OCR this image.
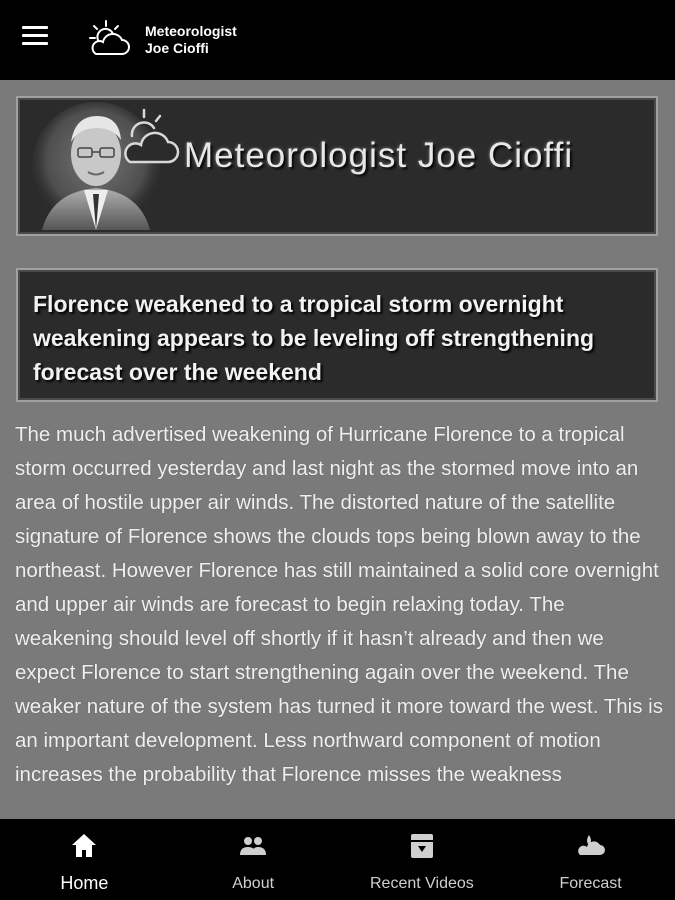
Meteorologist
Joe Cioffi
Meteorologist Joe Cioffi
Florence weakened to a tropical storm overnight weakening appears to be leveling off strengthening forecast over the weekend

The much advertised weakening of Hurricane Florence to a tropical storm occurred yesterday and last night as the stormed move into an area of hostile upper air winds. The distorted nature of the satellite signature of Florence shows the clouds tops being blown away to the northeast. However Florence has still maintained a solid core overnight and upper air winds are forecast to begin relaxing today. The weakening should level off shortly if it hasn’t already and then we expect Florence to start strengthening again over the weekend. The weaker nature of the system has turned it more toward the west. This is an important development. Less northward component of motion increases the probability that Florence misses the weakness

Home	About	Recent Videos	Forecast
